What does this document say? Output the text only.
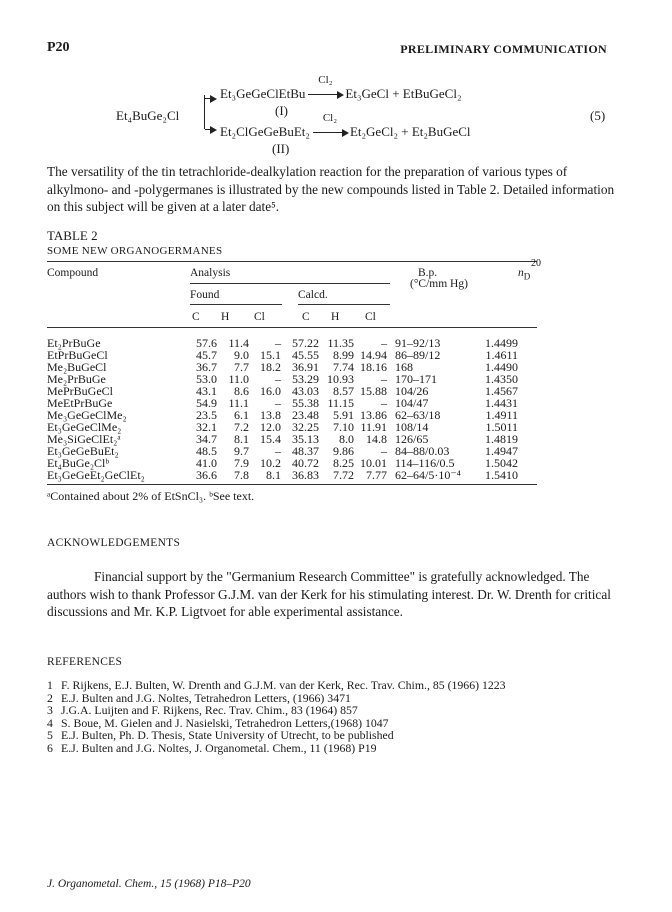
P20	PRELIMINARY COMMUNICATION
Et₄BuGe₂Cl
Et₃GeGeClEtBu
Cl₂
Et₃GeCl + EtBuGeCl₂
(I)
Et₂ClGeGeBuEt₂
Cl₂
Et₂GeCl₂ + Et₂BuGeCl
(II)
(5)
The versatility of the tin tetrachloride-dealkylation reaction for the preparation of various types of alkylmono- and -polygermanes is illustrated by the new compounds listed in Table 2. Detailed information on this subject will be given at a later date⁵.
TABLE 2
SOME NEW ORGANOGERMANES
20
Compound	Analysis	B.p.
(°C/mm Hg)
$n_D$
Found	Calcd.
C H Cl	C H Cl
Et₂PrBuGe	57.6	11.4	–	57.22	11.35	–	91–92/13	1.4499
EtPrBuGeCl	45.7	9.0	15.1	45.55	8.99	14.94	86–89/12	1.4611
Me₂BuGeCl	36.7	7.7	18.2	36.91	7.74	18.16	168	1.4490
Me₂PrBuGe	53.0	11.0	–	53.29	10.93	–	170–171	1.4350
MePrBuGeCl	43.1	8.6	16.0	43.03	8.57	15.88	104/26	1.4567
MeEtPrBuGe	54.9	11.1	–	55.38	11.15	–	104/47	1.4431
Me₃GeGeClMe₂	23.5	6.1	13.8	23.48	5.91	13.86	62–63/18	1.4911
Et₃GeGeClMe₂	32.1	7.2	12.0	32.25	7.10	11.91	108/14	1.5011
Me₃SiGeClEt₂ᵃ	34.7	8.1	15.4	35.13	8.0	14.8	126/65	1.4819
Et₃GeGeBuEt₂	48.5	9.7	–	48.37	9.86	–	84–88/0.03	1.4947
Et₄BuGe₂Clᵇ	41.0	7.9	10.2	40.72	8.25	10.01	114–116/0.5	1.5042
Et₃GeGeEt₂GeClEt₂	36.6	7.8	8.1	36.83	7.72	7.77	62–64/5·10⁻⁴	1.5410
ᵃContained about 2% of EtSnCl₃. ᵇSee text.
ACKNOWLEDGEMENTS
Financial support by the "Germanium Research Committee" is gratefully acknowledged. The authors wish to thank Professor G.J.M. van der Kerk for his stimulating interest. Dr. W. Drenth for critical discussions and Mr. K.P. Ligtvoet for able experimental assistance.
REFERENCES
1 F. Rijkens, E.J. Bulten, W. Drenth and G.J.M. van der Kerk, Rec. Trav. Chim., 85 (1966) 1223
2 E.J. Bulten and J.G. Noltes, Tetrahedron Letters, (1966) 3471
3 J.G.A. Luijten and F. Rijkens, Rec. Trav. Chim., 83 (1964) 857
4 S. Boue, M. Gielen and J. Nasielski, Tetrahedron Letters,(1968) 1047
5 E.J. Bulten, Ph. D. Thesis, State University of Utrecht, to be published
6 E.J. Bulten and J.G. Noltes, J. Organometal. Chem., 11 (1968) P19
J. Organometal. Chem., 15 (1968) P18–P20
